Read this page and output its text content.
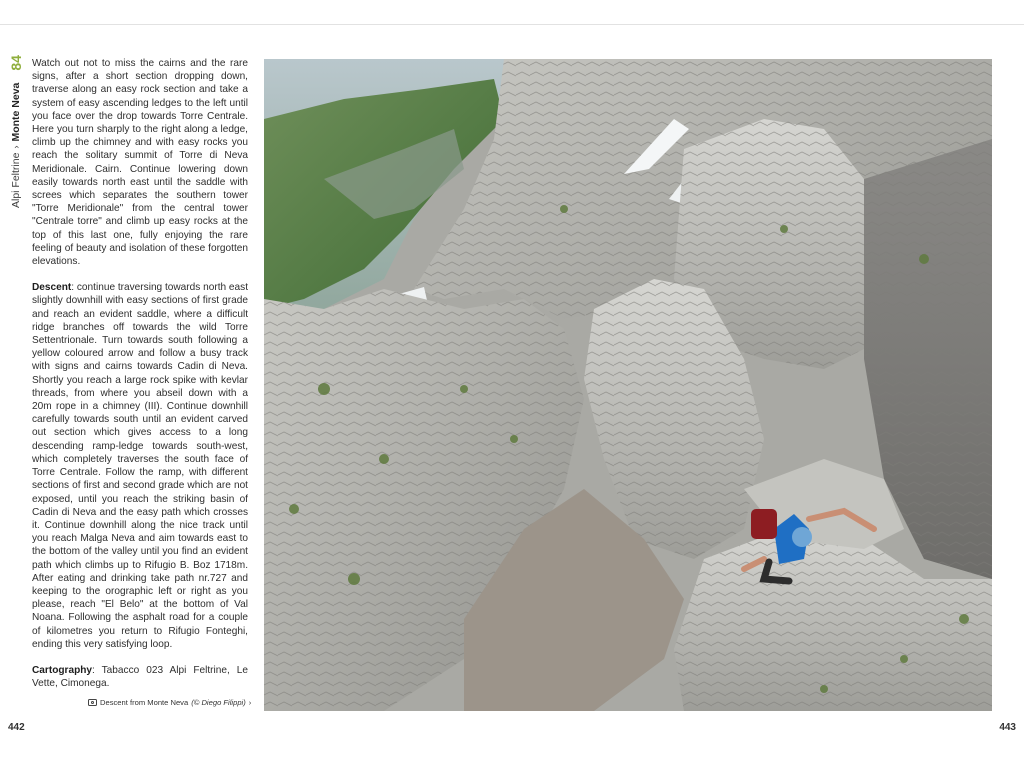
Alpi Feltrine
›
Monte Neva
84 Watch out not to miss the cairns and the rare signs, after a short section dropping down, traverse along an easy rock section and take a system of easy ascending ledges to the left until you face over the drop towards Torre Centrale. Here you turn sharply to the right along a ledge, climb up the chimney and with easy rocks you reach the solitary summit of Torre di Neva Meridionale. Cairn. Continue lowering down easily towards north east until the saddle with screes which separates the southern tower "Torre Meridionale" from the central tower "Centrale torre" and climb up easy rocks at the top of this last one, fully enjoying the rare feeling of beauty and isolation of these forgotten elevations.

Descent: continue traversing towards north east slightly downhill with easy sections of first grade and reach an evident saddle, where a difficult ridge branches off towards the wild Torre Settentrionale. Turn towards south following a yellow coloured arrow and follow a busy track with signs and cairns towards Cadin di Neva. Shortly you reach a large rock spike with kevlar threads, from where you abseil down with a 20m rope in a chimney (III). Continue downhill carefully towards south until an evident carved out section which gives access to a long descending ramp-ledge towards south-west, which completely traverses the south face of Torre Centrale. Follow the ramp, with different sections of first and second grade which are not exposed, until you reach the striking basin of Cadin di Neva and the easy path which crosses it. Continue downhill along the nice track until you reach Malga Neva and aim towards east to the bottom of the valley until you find an evident path which climbs up to Rifugio B. Boz 1718m. After eating and drinking take path nr.727 and keeping to the orographic left or right as you please, reach "El Belo" at the bottom of Val Noana. Following the asphalt road for a couple of kilometres you return to Rifugio Fonteghi, ending this very satisfying loop.

Cartography: Tabacco 023 Alpi Feltrine, Le Vette, Cimonega.

Descent from Monte Neva (© Diego Filippi) ›
442	443
